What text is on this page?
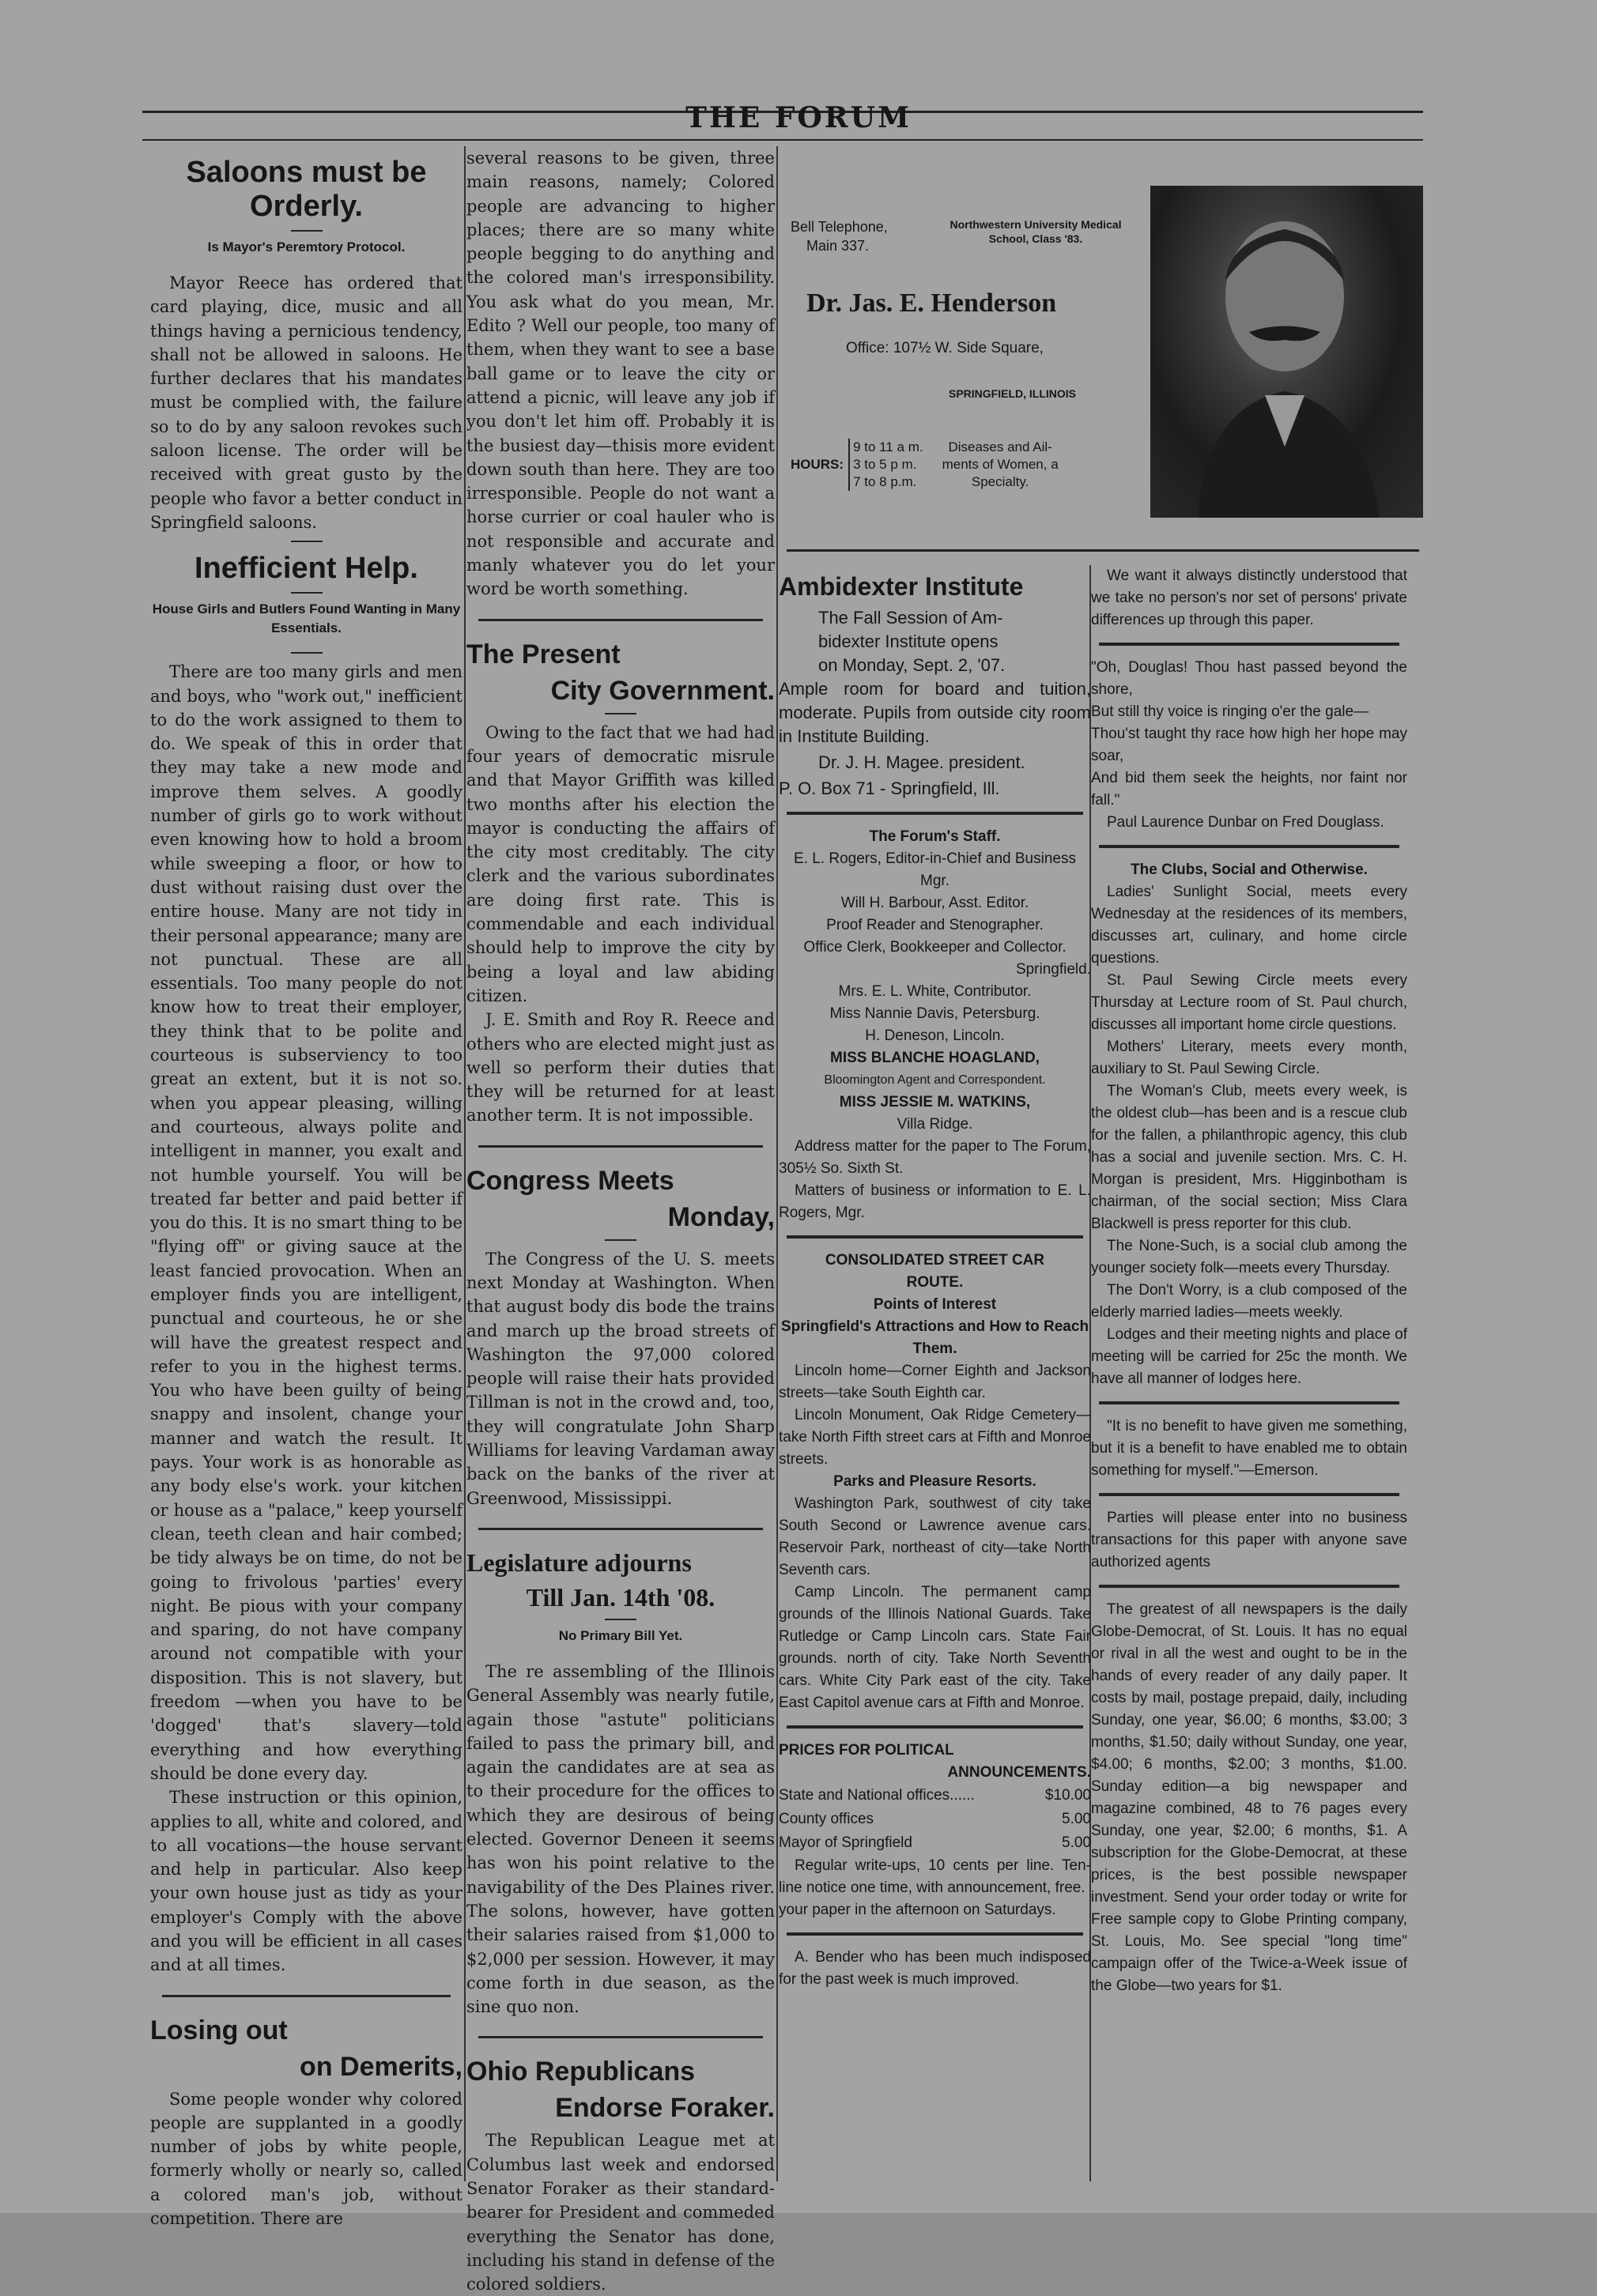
THE FORUM
Saloons must be Orderly.
Is Mayor's Peremtory Protocol.

Mayor Reece has ordered that card playing, dice, music and all things having a pernicious tendency, shall not be allowed in saloons. He further declares that his mandates must be complied with, the failure so to do by any saloon revokes such saloon license. The order will be received with great gusto by the people who favor a better conduct in Springfield saloons.

Inefficient Help.
House Girls and Butlers Found Wanting in Many Essentials.

There are too many girls and men and boys, who "work out," inefficient to do the work assigned to them to do. We speak of this in order that they may take a new mode and improve them selves. A goodly number of girls go to work without even knowing how to hold a broom while sweeping a floor, or how to dust without raising dust over the entire house. Many are not tidy in their personal appearance; many are not punctual. These are all essentials. Too many people do not know how to treat their employer, they think that to be polite and courteous is subserviency to too great an extent, but it is not so. when you appear pleasing, willing and courteous, always polite and intelligent in manner, you exalt and not humble yourself. You will be treated far better and paid better if you do this. It is no smart thing to be "flying off" or giving sauce at the least fancied provocation. When an employer finds you are intelligent, punctual and courteous, he or she will have the greatest respect and refer to you in the highest terms. You who have been guilty of being snappy and insolent, change your manner and watch the result. It pays. Your work is as honorable as any body else's work. your kitchen or house as a "palace," keep yourself clean, teeth clean and hair combed; be tidy always be on time, do not be going to frivolous 'parties' every night. Be pious with your company and sparing, do not have company around not compatible with your disposition. This is not slavery, but freedom —when you have to be 'dogged' that's slavery—told everything and how everything should be done every day.

These instruction or this opinion, applies to all, white and colored, and to all vocations—the house servant and help in particular. Also keep your own house just as tidy as your employer's Comply with the above and you will be efficient in all cases and at all times.

Losing out
on Demerits,

Some people wonder why colored people are supplanted in a goodly number of jobs by white people, formerly wholly or nearly so, called a colored man's job, without competition. There are

several reasons to be given, three main reasons, namely; Colored people are advancing to higher places; there are so many white people begging to do anything and the colored man's irresponsibility. You ask what do you mean, Mr. Edito ? Well our people, too many of them, when they want to see a base ball game or to leave the city or attend a picnic, will leave any job if you don't let him off. Probably it is the busiest day—thisis more evident down south than here. They are too irresponsible. People do not want a horse currier or coal hauler who is not responsible and accurate and manly whatever you do let your word be worth something.

The Present
City Government.

Owing to the fact that we had had four years of democratic misrule and that Mayor Griffith was killed two months after his election the mayor is conducting the affairs of the city most creditably. The city clerk and the various subordinates are doing first rate. This is commendable and each individual should help to improve the city by being a loyal and law abiding citizen.

J. E. Smith and Roy R. Reece and others who are elected might just as well so perform their duties that they will be returned for at least another term. It is not impossible.

Congress Meets
Monday,

The Congress of the U. S. meets next Monday at Washington. When that august body dis bode the trains and march up the broad streets of Washington the 97,000 colored people will raise their hats provided Tillman is not in the crowd and, too, they will congratulate John Sharp Williams for leaving Vardaman away back on the banks of the river at Greenwood, Mississippi.

Legislature adjourns
Till Jan. 14th '08.
No Primary Bill Yet.

The re assembling of the Illinois General Assembly was nearly futile, again those "astute" politicians failed to pass the primary bill, and again the candidates are at sea as to their procedure for the offices to which they are desirous of being elected. Governor Deneen it seems has won his point relative to the navigability of the Des Plaines river. The solons, however, have gotten their salaries raised from $1,000 to $2,000 per session. However, it may come forth in due season, as the sine quo non.

Ohio Republicans
Endorse Foraker.

The Republican League met at Columbus last week and endorsed Senator Foraker as their standard-bearer for President and commeded everything the Senator has done, including his stand in defense of the colored soldiers.

Bell Telephone,
Main 337.
Northwestern University Medical
School, Class '83.
Dr. Jas. E. Henderson
Office: 107½ W. Side Square,
SPRINGFIELD, ILLINOIS
HOURS:
9 to 11 a m.
3 to 5 p m.
7 to 8 p.m.
Diseases and Ail-
ments of Women, a
Specialty.
Ambidexter Institute
The Fall Session of Am-
bidexter Institute opens
on Monday, Sept. 2, '07.
Ample room for board and tuition, moderate. Pupils from outside city room in Institute Building.
Dr. J. H. Magee. president.
P. O. Box 71 - Springfield, Ill.
The Forum's Staff.
E. L. Rogers, Editor-in-Chief and Business Mgr.
Will H. Barbour, Asst. Editor.
Proof Reader and Stenographer.
Office Clerk, Bookkeeper and Collector.
Springfield.
Mrs. E. L. White, Contributor.
Miss Nannie Davis, Petersburg.
H. Deneson, Lincoln.
MISS BLANCHE HOAGLAND,
Bloomington Agent and Correspondent.
MISS JESSIE M. WATKINS,
Villa Ridge.

Address matter for the paper to The Forum, 305½ So. Sixth St.

Matters of business or information to E. L. Rogers, Mgr.

CONSOLIDATED STREET CAR
ROUTE.
Points of Interest
Springfield's Attractions and How to Reach Them.

Lincoln home—Corner Eighth and Jackson streets—take South Eighth car.

Lincoln Monument, Oak Ridge Cemetery—take North Fifth street cars at Fifth and Monroe streets.

Parks and Pleasure Resorts.

Washington Park, southwest of city take South Second or Lawrence avenue cars. Reservoir Park, northeast of city—take North Seventh cars.

Camp Lincoln. The permanent camp grounds of the Illinois National Guards. Take Rutledge or Camp Lincoln cars. State Fair grounds. north of city. Take North Seventh cars. White City Park east of the city. Take East Capitol avenue cars at Fifth and Monroe.

PRICES FOR POLITICAL
ANNOUNCEMENTS.
State and National offices......	$10.00
County offices	5.00
Mayor of Springfield	5.00

Regular write-ups, 10 cents per line. Ten-line notice one time, with announcement, free.

your paper in the afternoon on Saturdays.

A. Bender who has been much indisposed for the past week is much improved.

We want it always distinctly understood that we take no person's nor set of persons' private differences up through this paper.

"Oh, Douglas! Thou hast passed beyond the shore,
But still thy voice is ringing o'er the gale—
Thou'st taught thy race how high her hope may soar,
And bid them seek the heights, nor faint nor fall."
Paul Laurence Dunbar on Fred Douglass.
The Clubs, Social and Otherwise.

Ladies' Sunlight Social, meets every Wednesday at the residences of its members, discusses art, culinary, and home circle questions.

St. Paul Sewing Circle meets every Thursday at Lecture room of St. Paul church, discusses all important home circle questions.

Mothers' Literary, meets every month, auxiliary to St. Paul Sewing Circle.

The Woman's Club, meets every week, is the oldest club—has been and is a rescue club for the fallen, a philanthropic agency, this club has a social and juvenile section. Mrs. C. H. Morgan is president, Mrs. Higginbotham is chairman, of the social section; Miss Clara Blackwell is press reporter for this club.

The None-Such, is a social club among the younger society folk—meets every Thursday.

The Don't Worry, is a club composed of the elderly married ladies—meets weekly.

Lodges and their meeting nights and place of meeting will be carried for 25c the month. We have all manner of lodges here.

"It is no benefit to have given me something, but it is a benefit to have enabled me to obtain something for myself."—Emerson.

Parties will please enter into no business transactions for this paper with anyone save authorized agents

The greatest of all newspapers is the daily Globe-Democrat, of St. Louis. It has no equal or rival in all the west and ought to be in the hands of every reader of any daily paper. It costs by mail, postage prepaid, daily, including Sunday, one year, $6.00; 6 months, $3.00; 3 months, $1.50; daily without Sunday, one year, $4.00; 6 months, $2.00; 3 months, $1.00. Sunday edition—a big newspaper and magazine combined, 48 to 76 pages every Sunday, one year, $2.00; 6 months, $1. A subscription for the Globe-Democrat, at these prices, is the best possible newspaper investment. Send your order today or write for Free sample copy to Globe Printing company, St. Louis, Mo. See special "long time" campaign offer of the Twice-a-Week issue of the Globe—two years for $1.
